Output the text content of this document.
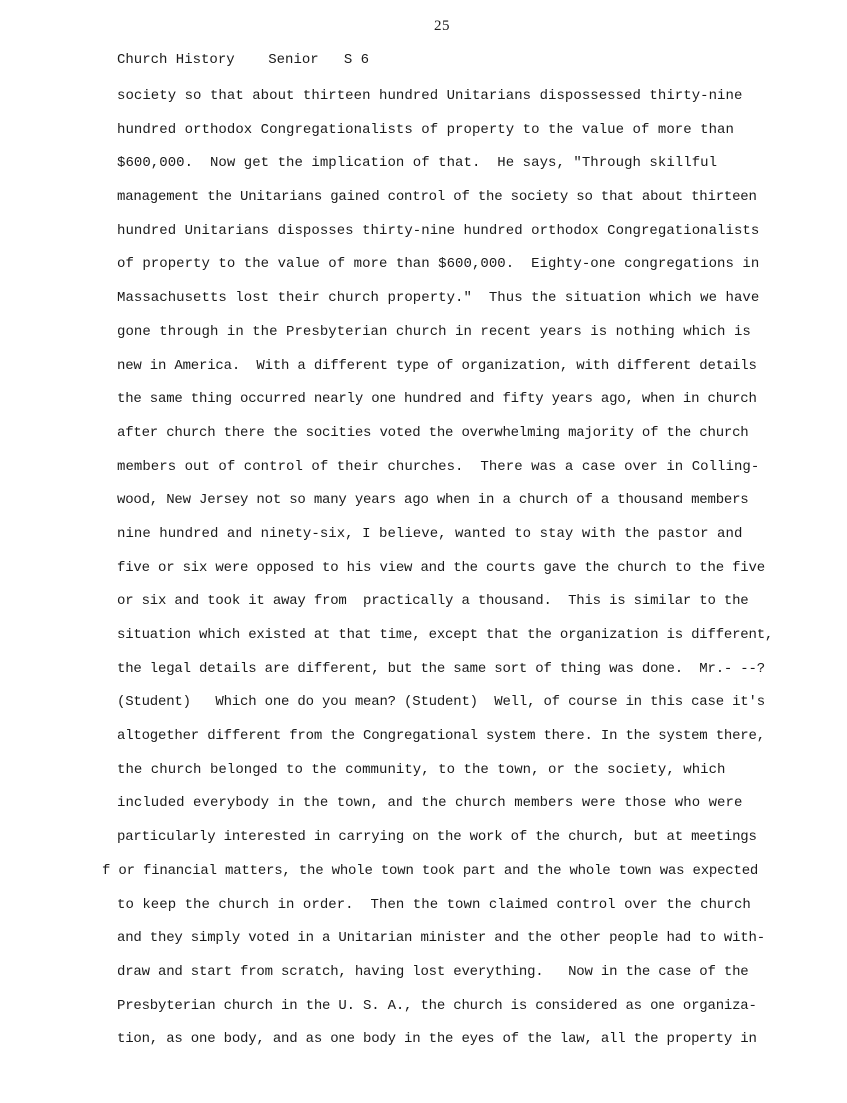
25
Church History Senior S 6
society so that about thirteen hundred Unitarians dispossessed thirty-nine
hundred orthodox Congregationalists of property to the value of more than
$600,000.  Now get the implication of that.  He says, "Through skillful
management the Unitarians gained control of the society so that about thirteen
hundred Unitarians disposses thirty-nine hundred orthodox Congregationalists
of property to the value of more than $600,000.  Eighty-one congregations in
Massachusetts lost their church property."  Thus the situation which we have
gone through in the Presbyterian church in recent years is nothing which is
new in America.  With a different type of organization, with different details
the same thing occurred nearly one hundred and fifty years ago, when in church
after church there the socities voted the overwhelming majority of the church
members out of control of their churches.  There was a case over in Colling-
wood, New Jersey not so many years ago when in a church of a thousand members
nine hundred and ninety-six, I believe, wanted to stay with the pastor and
five or six were opposed to his view and the courts gave the church to the five
or six and took it away from  practically a thousand.  This is similar to the
situation which existed at that time, except that the organization is different,
the legal details are different, but the same sort of thing was done.  Mr.- --?
(Student)   Which one do you mean? (Student)  Well, of course in this case it's
altogether different from the Congregational system there. In the system there,
the church belonged to the community, to the town, or the society, which
included everybody in the town, and the church members were those who were
particularly interested in carrying on the work of the church, but at meetings
f or financial matters, the whole town took part and the whole town was expected
to keep the church in order.  Then the town claimed control over the church
and they simply voted in a Unitarian minister and the other people had to with-
draw and start from scratch, having lost everything.   Now in the case of the
Presbyterian church in the U. S. A., the church is considered as one organiza-
tion, as one body, and as one body in the eyes of the law, all the property in
